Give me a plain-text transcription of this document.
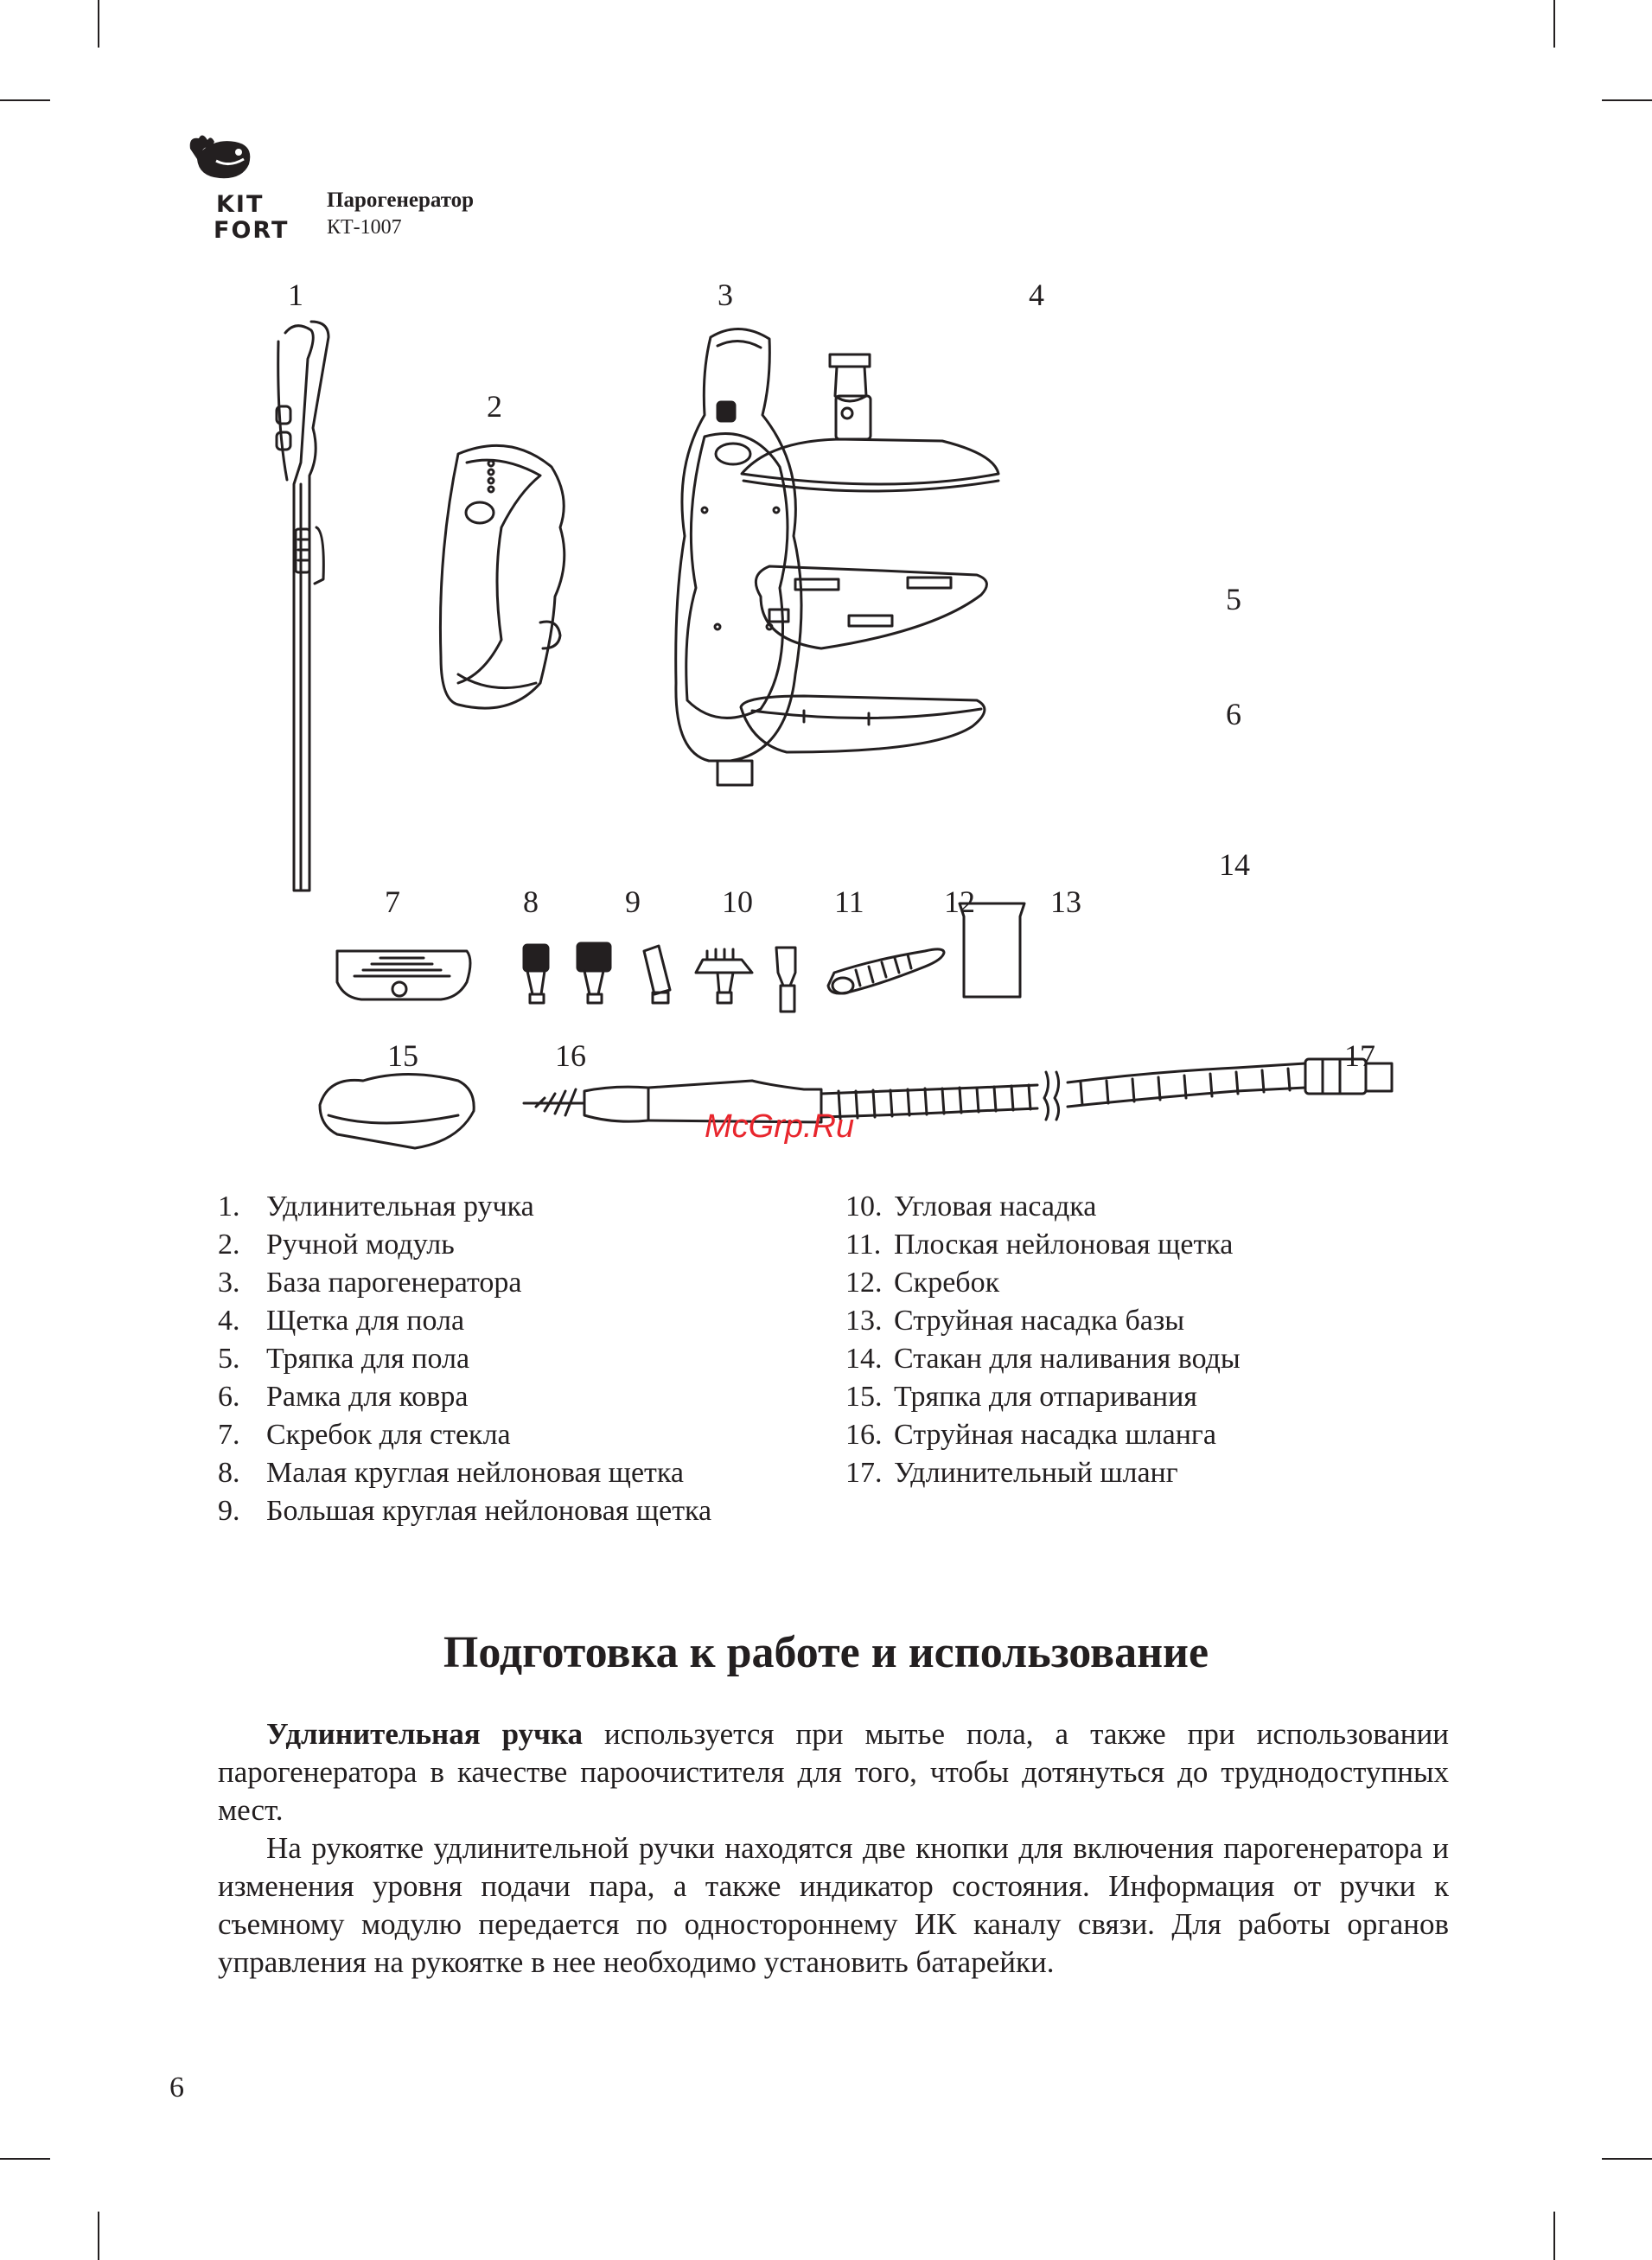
KIT
FORT
Парогенератор
КТ-1007
1
2
3	4
5
6
7	8	9	10	11	12 13
14
15	16	17
McGrp.Ru
1. Удлинительная ручка
2. Ручной модуль
3. База парогенератора
4. Щетка для пола
5. Тряпка для пола
6. Рамка для ковра
7. Скребок для стекла
8. Малая круглая нейлоновая щетка
9. Большая круглая нейлоновая щетка
10. Угловая насадка
11. Плоская нейлоновая щетка
12. Скребок
13. Струйная насадка базы
14. Стакан для наливания воды
15. Тряпка для отпаривания
16. Струйная насадка шланга
17. Удлинительный шланг
Подготовка к работе и использование

Удлинительная ручка используется при мытье пола, а также при использовании парогенератора в качестве пароочистителя для того, чтобы дотянуться до труднодоступных мест.

На рукоятке удлинительной ручки находятся две кнопки для включения парогенератора и изменения уровня подачи пара, а также индикатор состояния. Информация от ручки к съемному модулю передается по одностороннему ИК каналу связи. Для работы органов управления на рукоятке в нее необходимо установить батарейки.

6
